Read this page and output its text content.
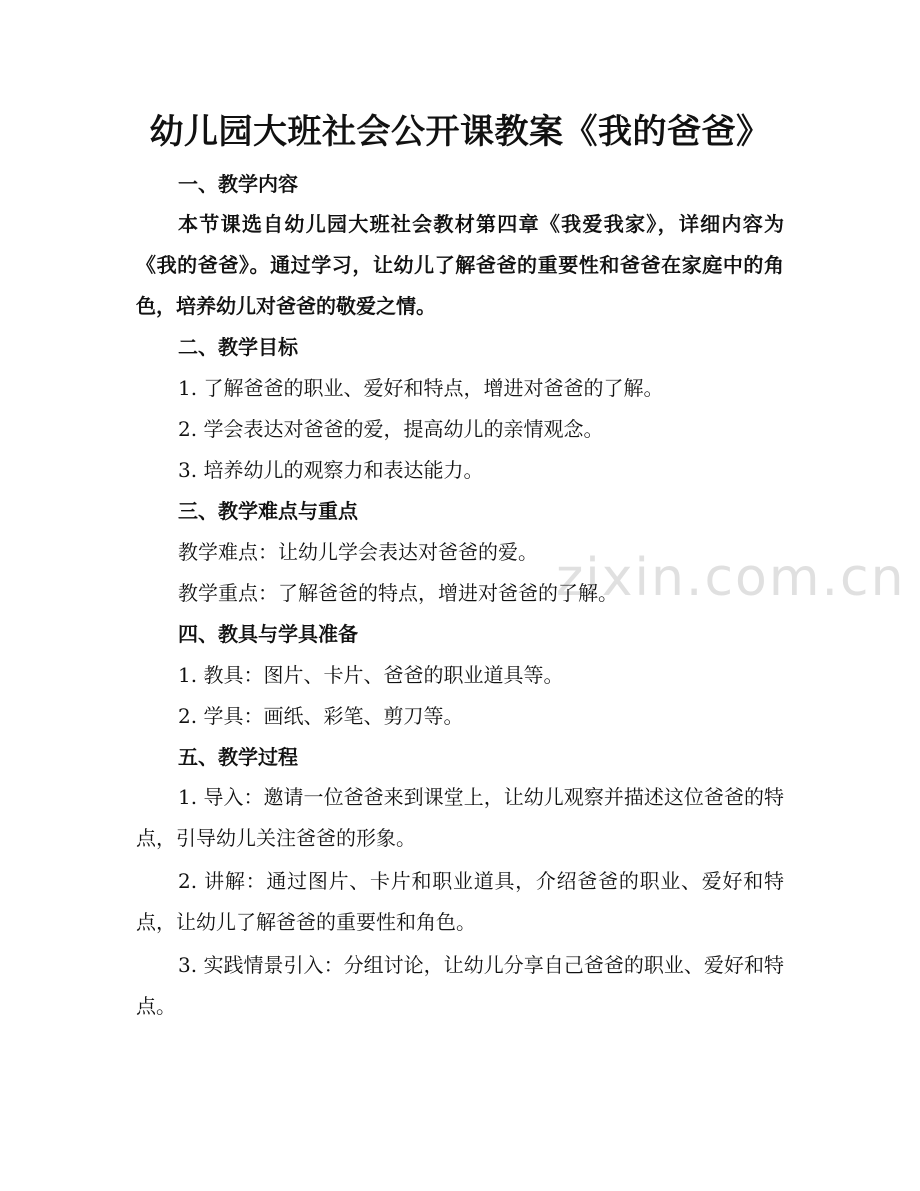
zixin.com.cn
幼儿园大班社会公开课教案《我的爸爸》
一、教学内容

本节课选自幼儿园大班社会教材第四章《我爱我家》，详细内容为《我的爸爸》。通过学习，让幼儿了解爸爸的重要性和爸爸在家庭中的角色，培养幼儿对爸爸的敬爱之情。

二、教学目标
1. 了解爸爸的职业、爱好和特点，增进对爸爸的了解。
2. 学会表达对爸爸的爱，提高幼儿的亲情观念。
3. 培养幼儿的观察力和表达能力。
三、教学难点与重点
教学难点：让幼儿学会表达对爸爸的爱。
教学重点：了解爸爸的特点，增进对爸爸的了解。
四、教具与学具准备
1. 教具：图片、卡片、爸爸的职业道具等。
2. 学具：画纸、彩笔、剪刀等。
五、教学过程

1. 导入：邀请一位爸爸来到课堂上，让幼儿观察并描述这位爸爸的特点，引导幼儿关注爸爸的形象。

2. 讲解：通过图片、卡片和职业道具，介绍爸爸的职业、爱好和特点，让幼儿了解爸爸的重要性和角色。

3. 实践情景引入：分组讨论，让幼儿分享自己爸爸的职业、爱好和特点。
